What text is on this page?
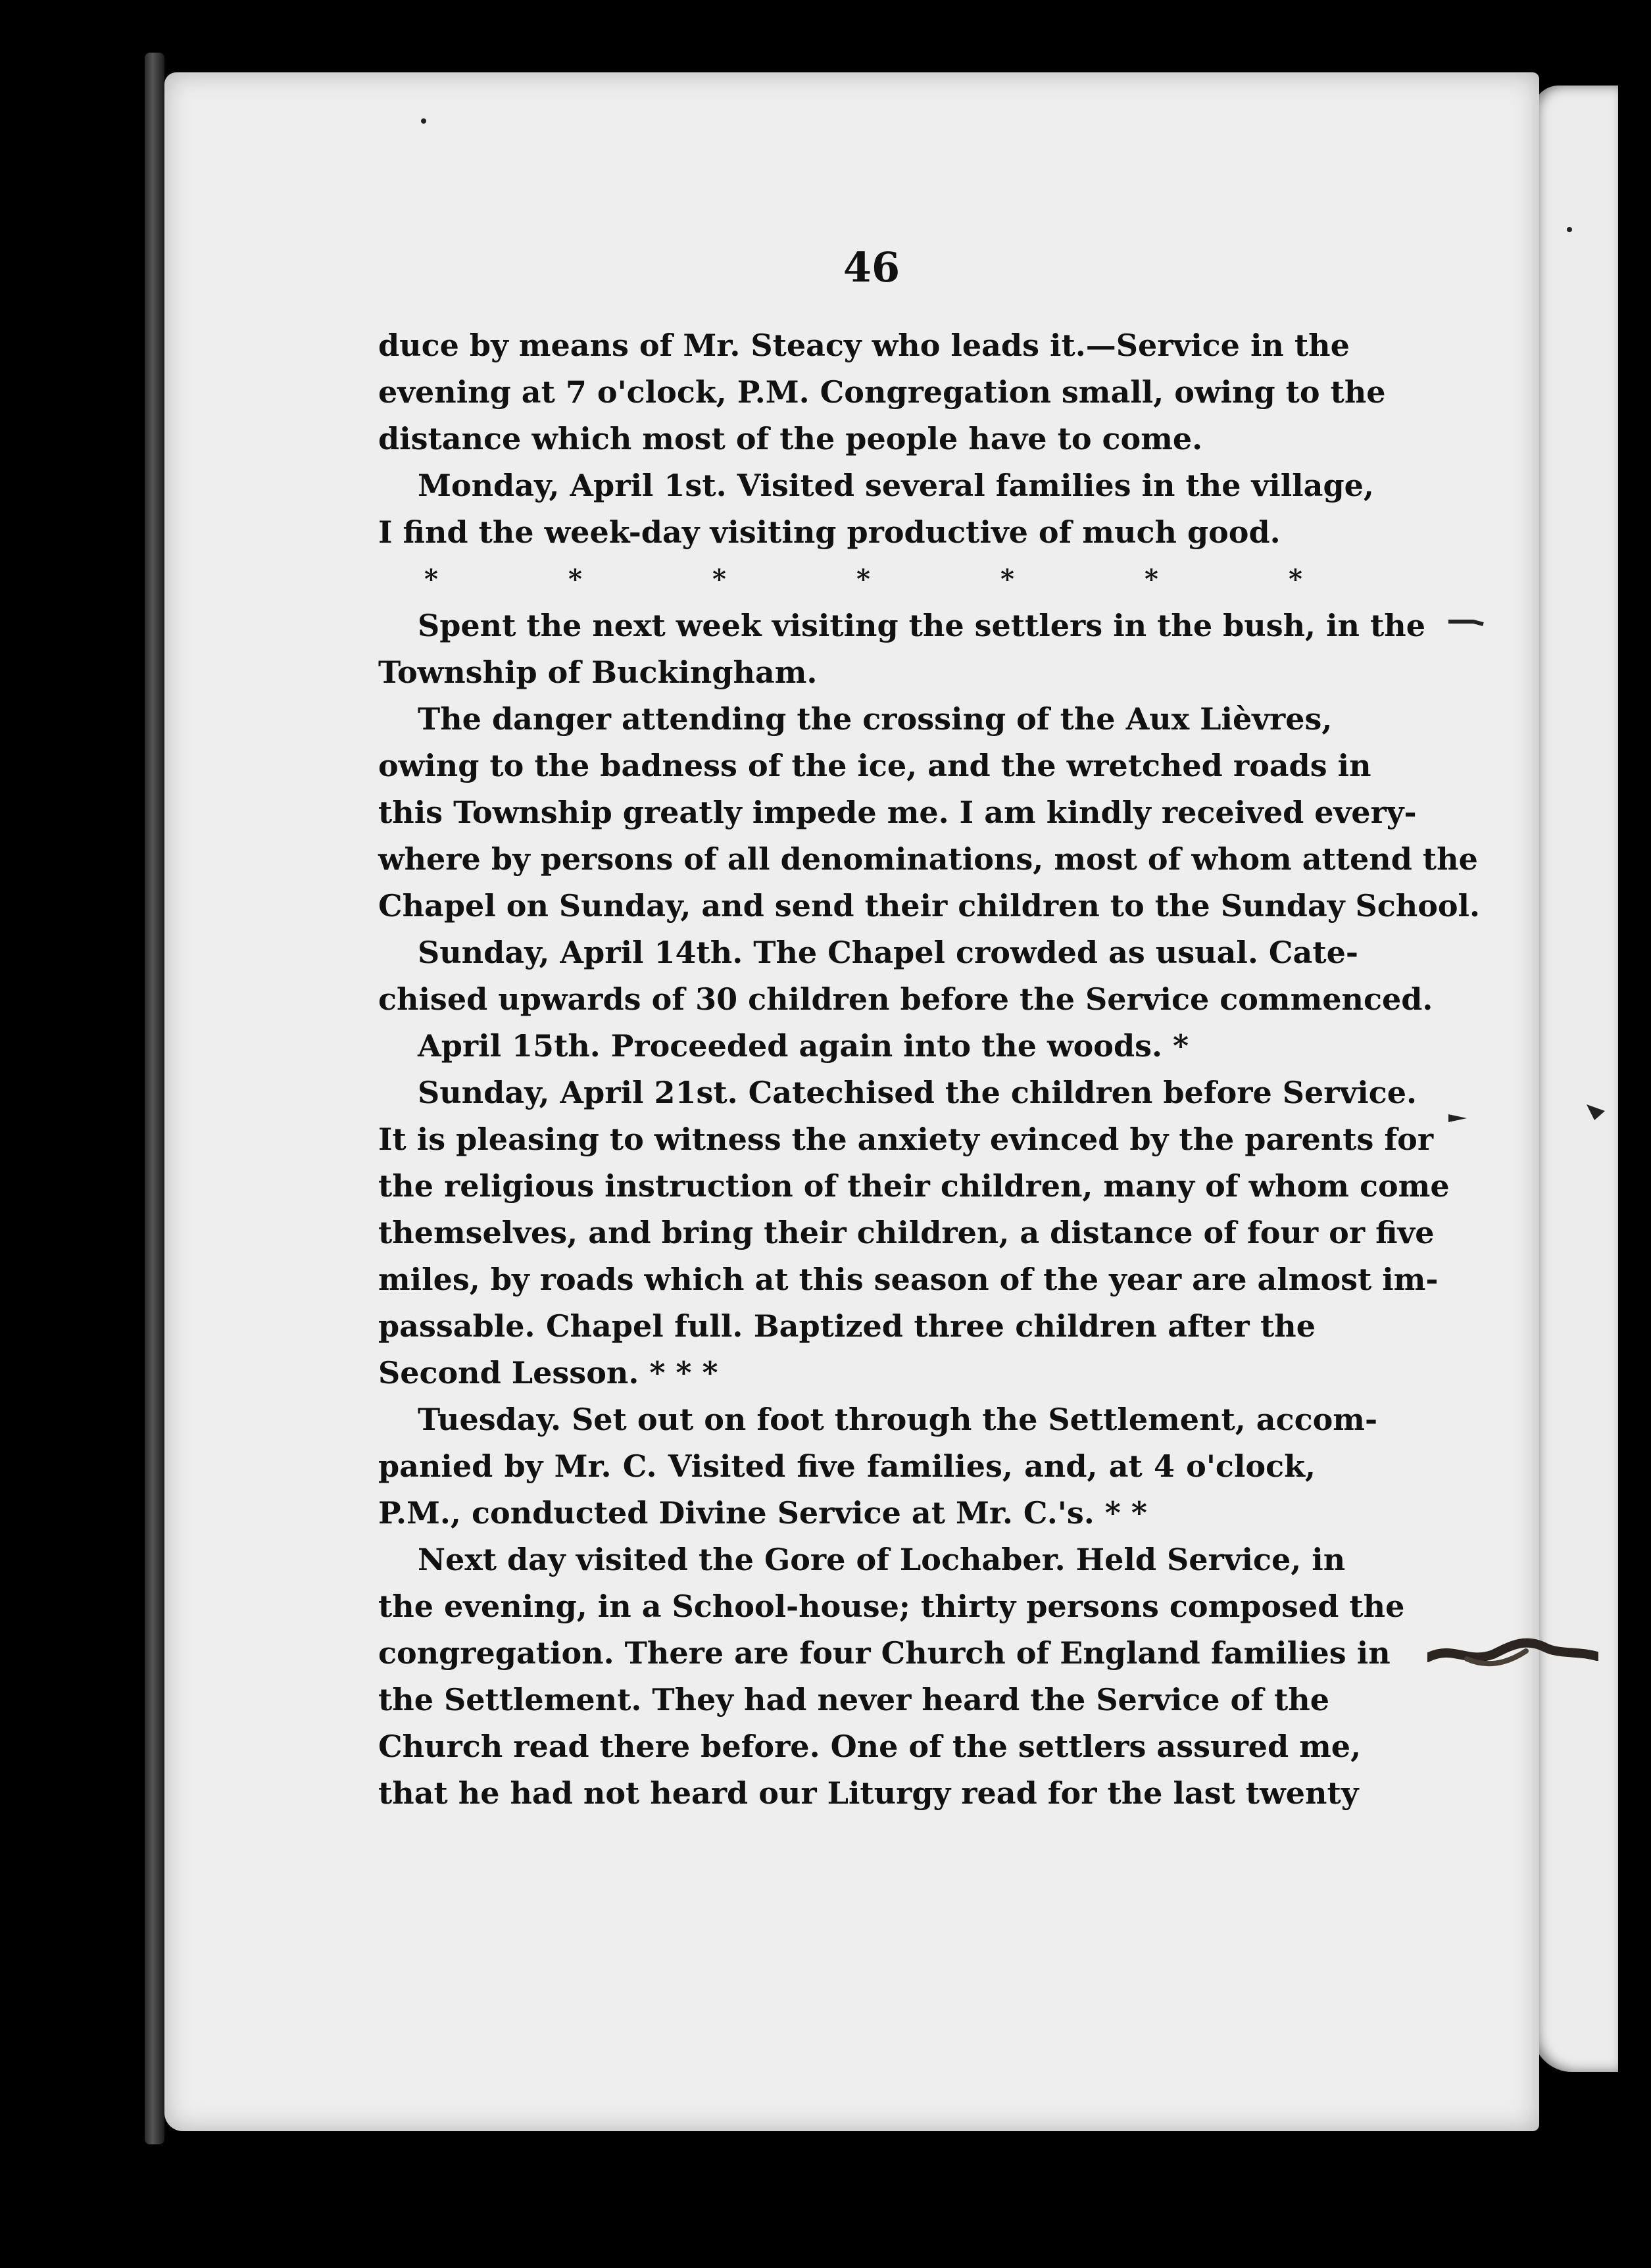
46
duce by means of Mr. Steacy who leads it.—Service in the
evening at 7 o'clock, P.M. Congregation small, owing to the
distance which most of the people have to come.
Monday, April 1st. Visited several families in the village,
I find the week-day visiting productive of much good.
*	*	*	*	*	*	*
Spent the next week visiting the settlers in the bush, in the
Township of Buckingham.
The danger attending the crossing of the Aux Lièvres,
owing to the badness of the ice, and the wretched roads in
this Township greatly impede me. I am kindly received every-
where by persons of all denominations, most of whom attend the
Chapel on Sunday, and send their children to the Sunday School.
Sunday, April 14th. The Chapel crowded as usual. Cate-
chised upwards of 30 children before the Service commenced.
April 15th. Proceeded again into the woods. *
Sunday, April 21st. Catechised the children before Service.
It is pleasing to witness the anxiety evinced by the parents for
the religious instruction of their children, many of whom come
themselves, and bring their children, a distance of four or five
miles, by roads which at this season of the year are almost im-
passable. Chapel full. Baptized three children after the
Second Lesson. * * *
Tuesday. Set out on foot through the Settlement, accom-
panied by Mr. C. Visited five families, and, at 4 o'clock,
P.M., conducted Divine Service at Mr. C.'s. * *
Next day visited the Gore of Lochaber. Held Service, in
the evening, in a School-house; thirty persons composed the
congregation. There are four Church of England families in
the Settlement. They had never heard the Service of the
Church read there before. One of the settlers assured me,
that he had not heard our Liturgy read for the last twenty
